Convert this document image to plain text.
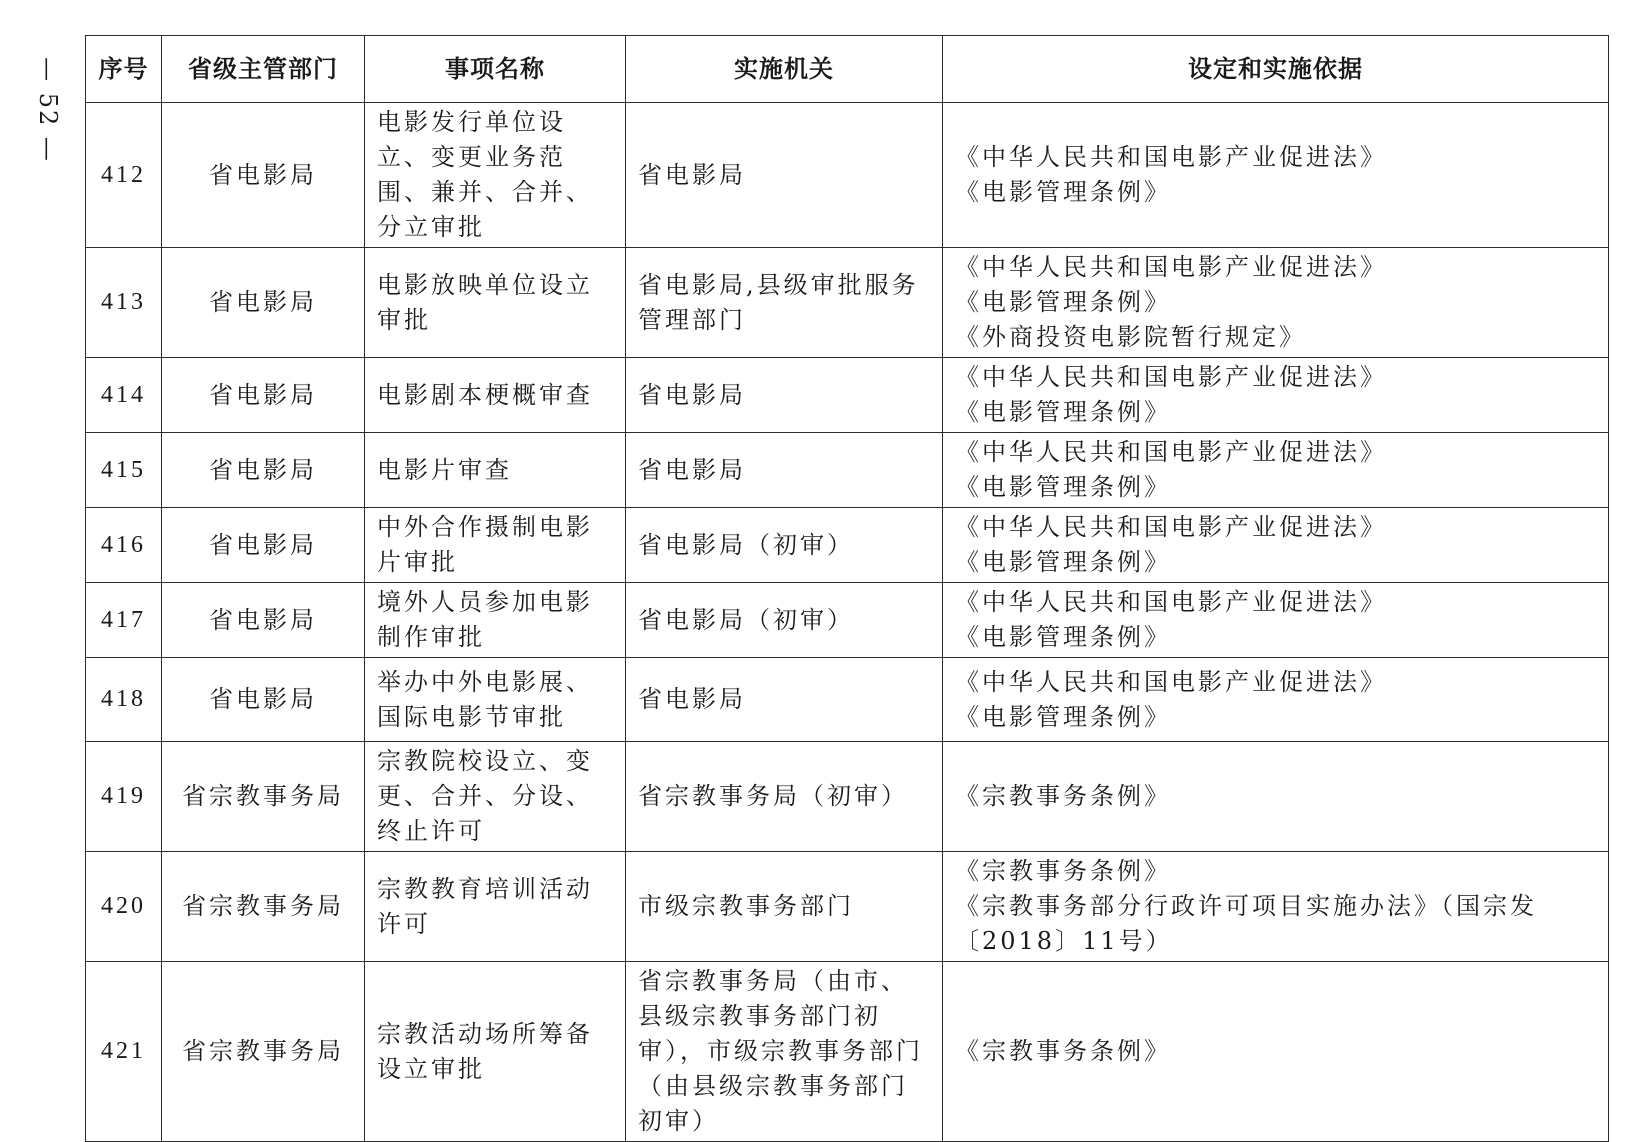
— 52 — 序号	省级主管部门	事项名称	实施机关	设定和实施依据
412	省电影局	电影发行单位设立、变更业务范围、兼并、合并、分立审批	省电影局	《中华人民共和国电影产业促进法》
《电影管理条例》

413	省电影局	电影放映单位设立审批	省电影局,县级审批服务管理部门	《中华人民共和国电影产业促进法》
《电影管理条例》
《外商投资电影院暂行规定》

414	省电影局	电影剧本梗概审查	省电影局	《中华人民共和国电影产业促进法》
《电影管理条例》

415	省电影局	电影片审查	省电影局	《中华人民共和国电影产业促进法》
《电影管理条例》

416	省电影局	中外合作摄制电影片审批	省电影局（初审）	《中华人民共和国电影产业促进法》
《电影管理条例》

417	省电影局	境外人员参加电影制作审批	省电影局（初审）	《中华人民共和国电影产业促进法》
《电影管理条例》

418	省电影局	举办中外电影展、国际电影节审批	省电影局	《中华人民共和国电影产业促进法》
《电影管理条例》

419	省宗教事务局	宗教院校设立、变更、合并、分设、终止许可	省宗教事务局（初审）	《宗教事务条例》

420	省宗教事务局	宗教教育培训活动许可	市级宗教事务部门	《宗教事务条例》
《宗教事务部分行政许可项目实施办法》（国宗发〔2018〕11号）

421	省宗教事务局	宗教活动场所筹备设立审批	省宗教事务局（由市、县级宗教事务部门初审），市级宗教事务部门（由县级宗教事务部门初审）	《宗教事务条例》
